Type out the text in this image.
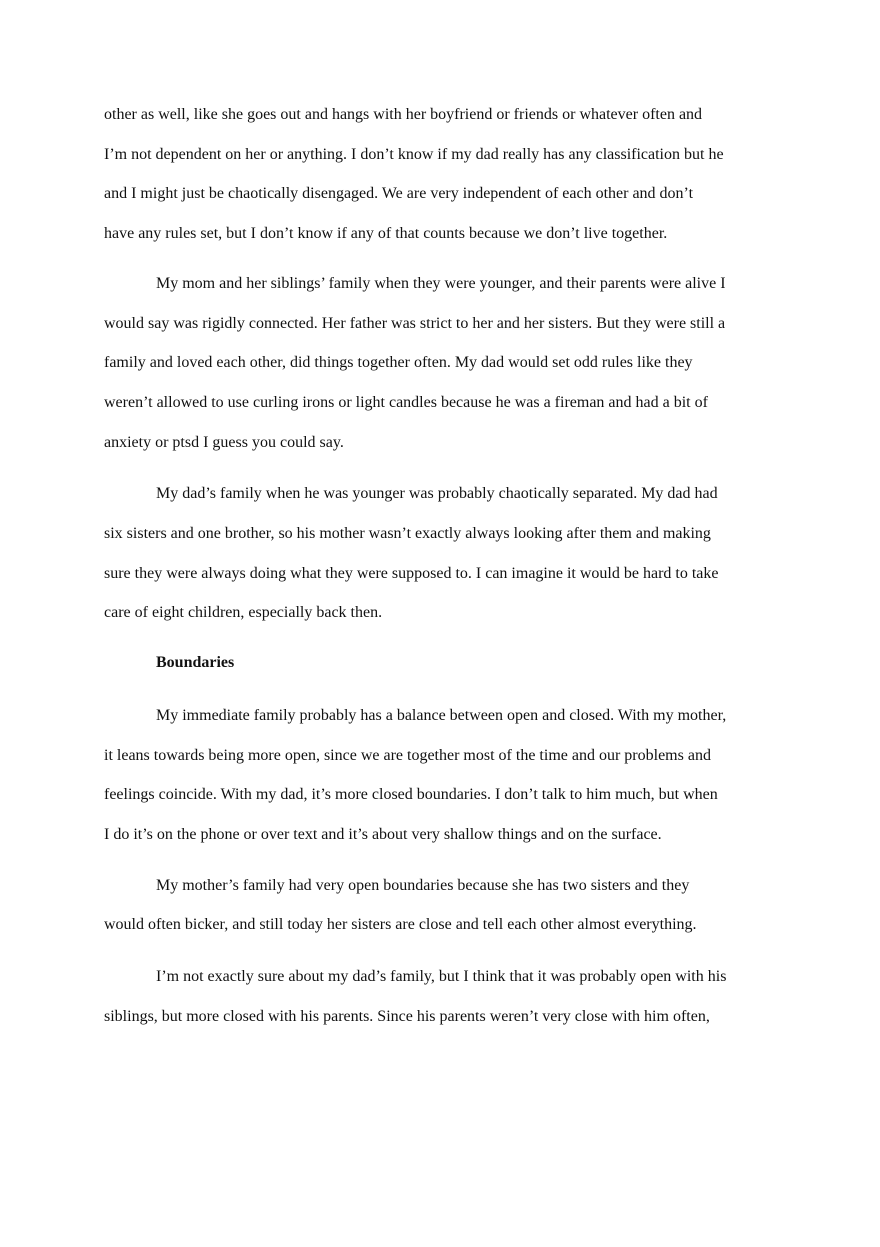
other as well, like she goes out and hangs with her boyfriend or friends or whatever often and
I’m not dependent on her or anything. I don’t know if my dad really has any classification but he
and I might just be chaotically disengaged. We are very independent of each other and don’t
have any rules set, but I don’t know if any of that counts because we don’t live together.
My mom and her siblings’ family when they were younger, and their parents were alive I
would say was rigidly connected. Her father was strict to her and her sisters. But they were still a
family and loved each other, did things together often. My dad would set odd rules like they
weren’t allowed to use curling irons or light candles because he was a fireman and had a bit of
anxiety or ptsd I guess you could say.
My dad’s family when he was younger was probably chaotically separated. My dad had
six sisters and one brother, so his mother wasn’t exactly always looking after them and making
sure they were always doing what they were supposed to. I can imagine it would be hard to take
care of eight children, especially back then.
Boundaries
My immediate family probably has a balance between open and closed. With my mother,
it leans towards being more open, since we are together most of the time and our problems and
feelings coincide. With my dad, it’s more closed boundaries. I don’t talk to him much, but when
I do it’s on the phone or over text and it’s about very shallow things and on the surface.
My mother’s family had very open boundaries because she has two sisters and they
would often bicker, and still today her sisters are close and tell each other almost everything.
I’m not exactly sure about my dad’s family, but I think that it was probably open with his
siblings, but more closed with his parents. Since his parents weren’t very close with him often,
